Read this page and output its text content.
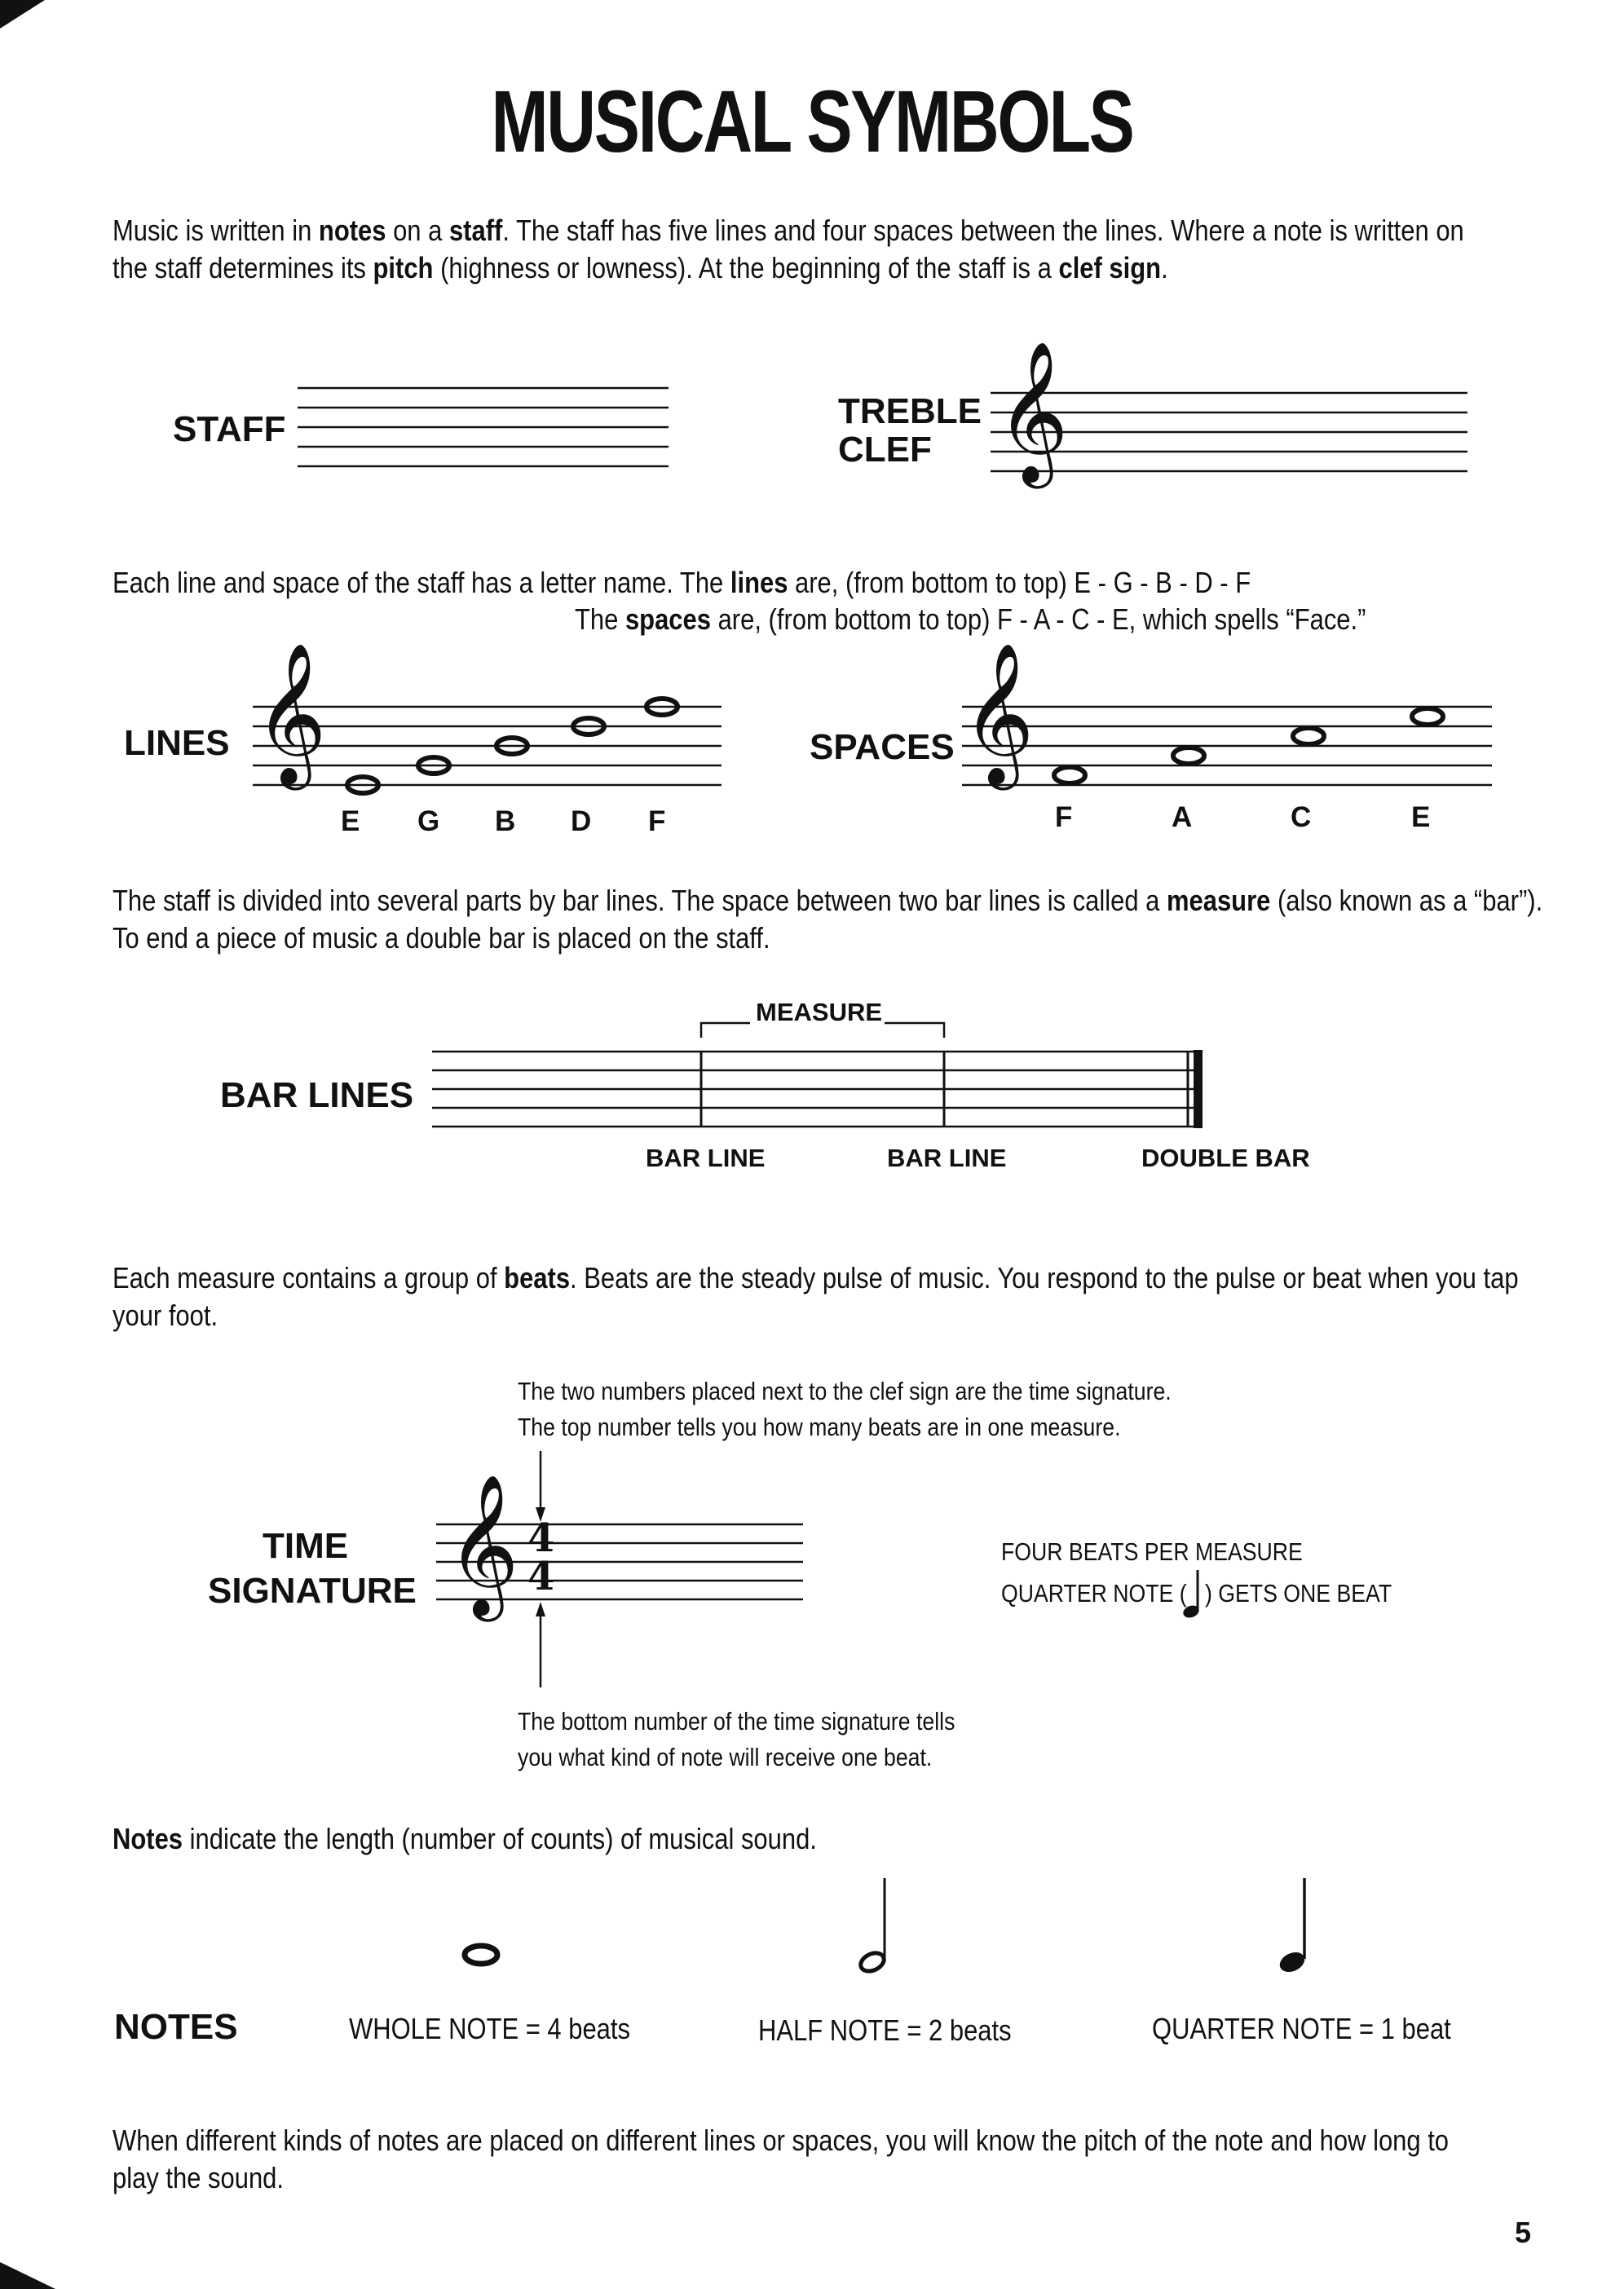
MUSICAL SYMBOLS
Music is written in notes on a staff. The staff has five lines and four spaces between the lines. Where a note is written on
the staff determines its pitch (highness or lowness). At the beginning of the staff is a clef sign.
STAFF	TREBLE
CLEF 𝄞
Each line and space of the staff has a letter name. The lines are, (from bottom to top) E - G - B - D - F
The spaces are, (from bottom to top) F - A - C - E, which spells “Face.”
LINES 𝄞
E G B D F
SPACES 𝄞
F	A	C	E
The staff is divided into several parts by bar lines. The space between two bar lines is called a measure (also known as a “bar”).
To end a piece of music a double bar is placed on the staff.
BAR LINES
MEASURE
BAR LINE	BAR LINE	DOUBLE BAR
Each measure contains a group of beats. Beats are the steady pulse of music. You respond to the pulse or beat when you tap
your foot.
The two numbers placed next to the clef sign are the time signature.
The top number tells you how many beats are in one measure.
TIME
SIGNATURE 𝄞 4
4
FOUR BEATS PER MEASURE
QUARTER NOTE ( ) GETS ONE BEAT
The bottom number of the time signature tells
you what kind of note will receive one beat.
Notes indicate the length (number of counts) of musical sound.
NOTES	WHOLE NOTE = 4 beats	HALF NOTE = 2 beats	QUARTER NOTE = 1 beat
When different kinds of notes are placed on different lines or spaces, you will know the pitch of the note and how long to
play the sound.
5
